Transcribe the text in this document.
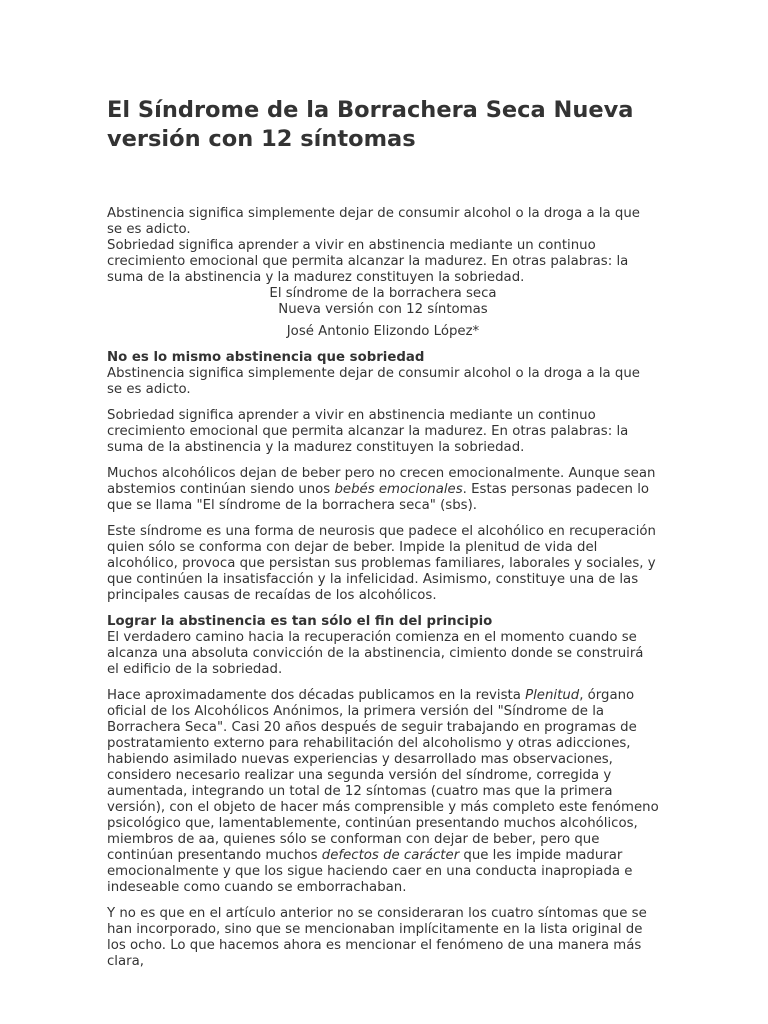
El Síndrome de la Borrachera Seca Nueva versión con 12 síntomas

Abstinencia significa simplemente dejar de consumir alcohol o la droga a la que se es adicto.

Sobriedad significa aprender a vivir en abstinencia mediante un continuo crecimiento emocional que permita alcanzar la madurez. En otras palabras: la suma de la abstinencia y la madurez constituyen la sobriedad.

El síndrome de la borrachera seca

Nueva versión con 12 síntomas

José Antonio Elizondo López*

No es lo mismo abstinencia que sobriedad
Abstinencia significa simplemente dejar de consumir alcohol o la droga a la que se es adicto.

Sobriedad significa aprender a vivir en abstinencia mediante un continuo crecimiento emocional que permita alcanzar la madurez. En otras palabras: la suma de la abstinencia y la madurez constituyen la sobriedad.

Muchos alcohólicos dejan de beber pero no crecen emocionalmente. Aunque sean abstemios continúan siendo unos bebés emocionales. Estas personas padecen lo que se llama "El síndrome de la borrachera seca" (sbs).

Este síndrome es una forma de neurosis que padece el alcohólico en recuperación quien sólo se conforma con dejar de beber. Impide la plenitud de vida del alcohólico, provoca que persistan sus problemas familiares, laborales y sociales, y que continúen la insatisfacción y la infelicidad. Asimismo, constituye una de las principales causas de recaídas de los alcohólicos.

Lograr la abstinencia es tan sólo el fin del principio
El verdadero camino hacia la recuperación comienza en el momento cuando se alcanza una absoluta convicción de la abstinencia, cimiento donde se construirá el edificio de la sobriedad.

Hace aproximadamente dos décadas publicamos en la revista Plenitud, órgano oficial de los Alcohólicos Anónimos, la primera versión del "Síndrome de la Borrachera Seca". Casi 20 años después de seguir trabajando en programas de postratamiento externo para rehabilitación del alcoholismo y otras adicciones, habiendo asimilado nuevas experiencias y desarrollado mas observaciones, considero necesario realizar una segunda versión del síndrome, corregida y aumentada, integrando un total de 12 síntomas (cuatro mas que la primera versión), con el objeto de hacer más comprensible y más completo este fenómeno psicológico que, lamentablemente, continúan presentando muchos alcohólicos, miembros de aa, quienes sólo se conforman con dejar de beber, pero que continúan presentando muchos defectos de carácter que les impide madurar emocionalmente y que los sigue haciendo caer en una conducta inapropiada e indeseable como cuando se emborrachaban.

Y no es que en el artículo anterior no se consideraran los cuatro síntomas que se han incorporado, sino que se mencionaban implícitamente en la lista original de los ocho. Lo que hacemos ahora es mencionar el fenómeno de una manera más clara,
